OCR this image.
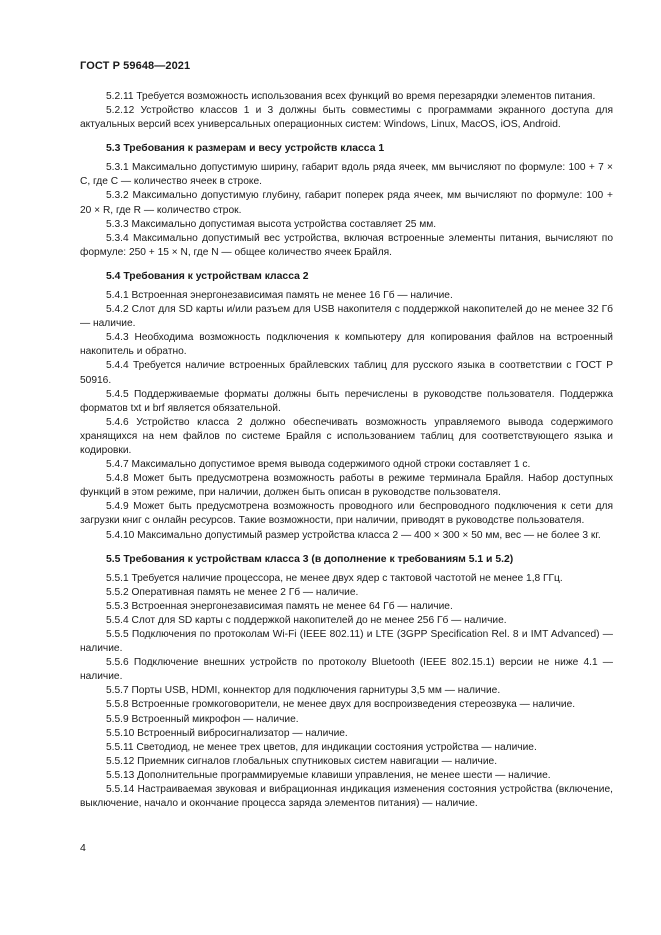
ГОСТ Р 59648—2021

5.2.11 Требуется возможность использования всех функций во время перезарядки элементов питания.

5.2.12 Устройство классов 1 и 3 должны быть совместимы с программами экранного доступа для актуальных версий всех универсальных операционных систем: Windows, Linux, MacOS, iOS, Android.

5.3 Требования к размерам и весу устройств класса 1

5.3.1 Максимально допустимую ширину, габарит вдоль ряда ячеек, мм вычисляют по формуле: 100 + 7 × С, где С — количество ячеек в строке.

5.3.2 Максимально допустимую глубину, габарит поперек ряда ячеек, мм вычисляют по формуле: 100 + 20 × R, где R — количество строк.

5.3.3 Максимально допустимая высота устройства составляет 25 мм.

5.3.4 Максимально допустимый вес устройства, включая встроенные элементы питания, вычисляют по формуле: 250 + 15 × N, где N — общее количество ячеек Брайля.

5.4 Требования к устройствам класса 2

5.4.1 Встроенная энергонезависимая память не менее 16 Гб — наличие.

5.4.2 Слот для SD карты и/или разъем для USB накопителя с поддержкой накопителей до не менее 32 Гб — наличие.

5.4.3 Необходима возможность подключения к компьютеру для копирования файлов на встроенный накопитель и обратно.

5.4.4 Требуется наличие встроенных брайлевских таблиц для русского языка в соответствии с ГОСТ Р 50916.

5.4.5 Поддерживаемые форматы должны быть перечислены в руководстве пользователя. Поддержка форматов txt и brf является обязательной.

5.4.6 Устройство класса 2 должно обеспечивать возможность управляемого вывода содержимого хранящихся на нем файлов по системе Брайля с использованием таблиц для соответствующего языка и кодировки.

5.4.7 Максимально допустимое время вывода содержимого одной строки составляет 1 с.

5.4.8 Может быть предусмотрена возможность работы в режиме терминала Брайля. Набор доступных функций в этом режиме, при наличии, должен быть описан в руководстве пользователя.

5.4.9 Может быть предусмотрена возможность проводного или беспроводного подключения к сети для загрузки книг с онлайн ресурсов. Такие возможности, при наличии, приводят в руководстве пользователя.

5.4.10 Максимально допустимый размер устройства класса 2 — 400 × 300 × 50 мм, вес — не более 3 кг.

5.5 Требования к устройствам класса 3 (в дополнение к требованиям 5.1 и 5.2)

5.5.1 Требуется наличие процессора, не менее двух ядер с тактовой частотой не менее 1,8 ГГц.

5.5.2 Оперативная память не менее 2 Гб — наличие.

5.5.3 Встроенная энергонезависимая память не менее 64 Гб — наличие.

5.5.4 Слот для SD карты с поддержкой накопителей до не менее 256 Гб — наличие.

5.5.5 Подключения по протоколам Wi-Fi (IEEE 802.11) и LTE (3GPP Specification Rel. 8 и IMT Advanced) — наличие.

5.5.6 Подключение внешних устройств по протоколу Bluetooth (IEEE 802.15.1) версии не ниже 4.1 — наличие.

5.5.7 Порты USB, HDMI, коннектор для подключения гарнитуры 3,5 мм — наличие.

5.5.8 Встроенные громкоговорители, не менее двух для воспроизведения стереозвука — наличие.

5.5.9 Встроенный микрофон — наличие.

5.5.10 Встроенный вибросигнализатор — наличие.

5.5.11 Светодиод, не менее трех цветов, для индикации состояния устройства — наличие.

5.5.12 Приемник сигналов глобальных спутниковых систем навигации — наличие.

5.5.13 Дополнительные программируемые клавиши управления, не менее шести — наличие.

5.5.14 Настраиваемая звуковая и вибрационная индикация изменения состояния устройства (включение, выключение, начало и окончание процесса заряда элементов питания) — наличие.

4
